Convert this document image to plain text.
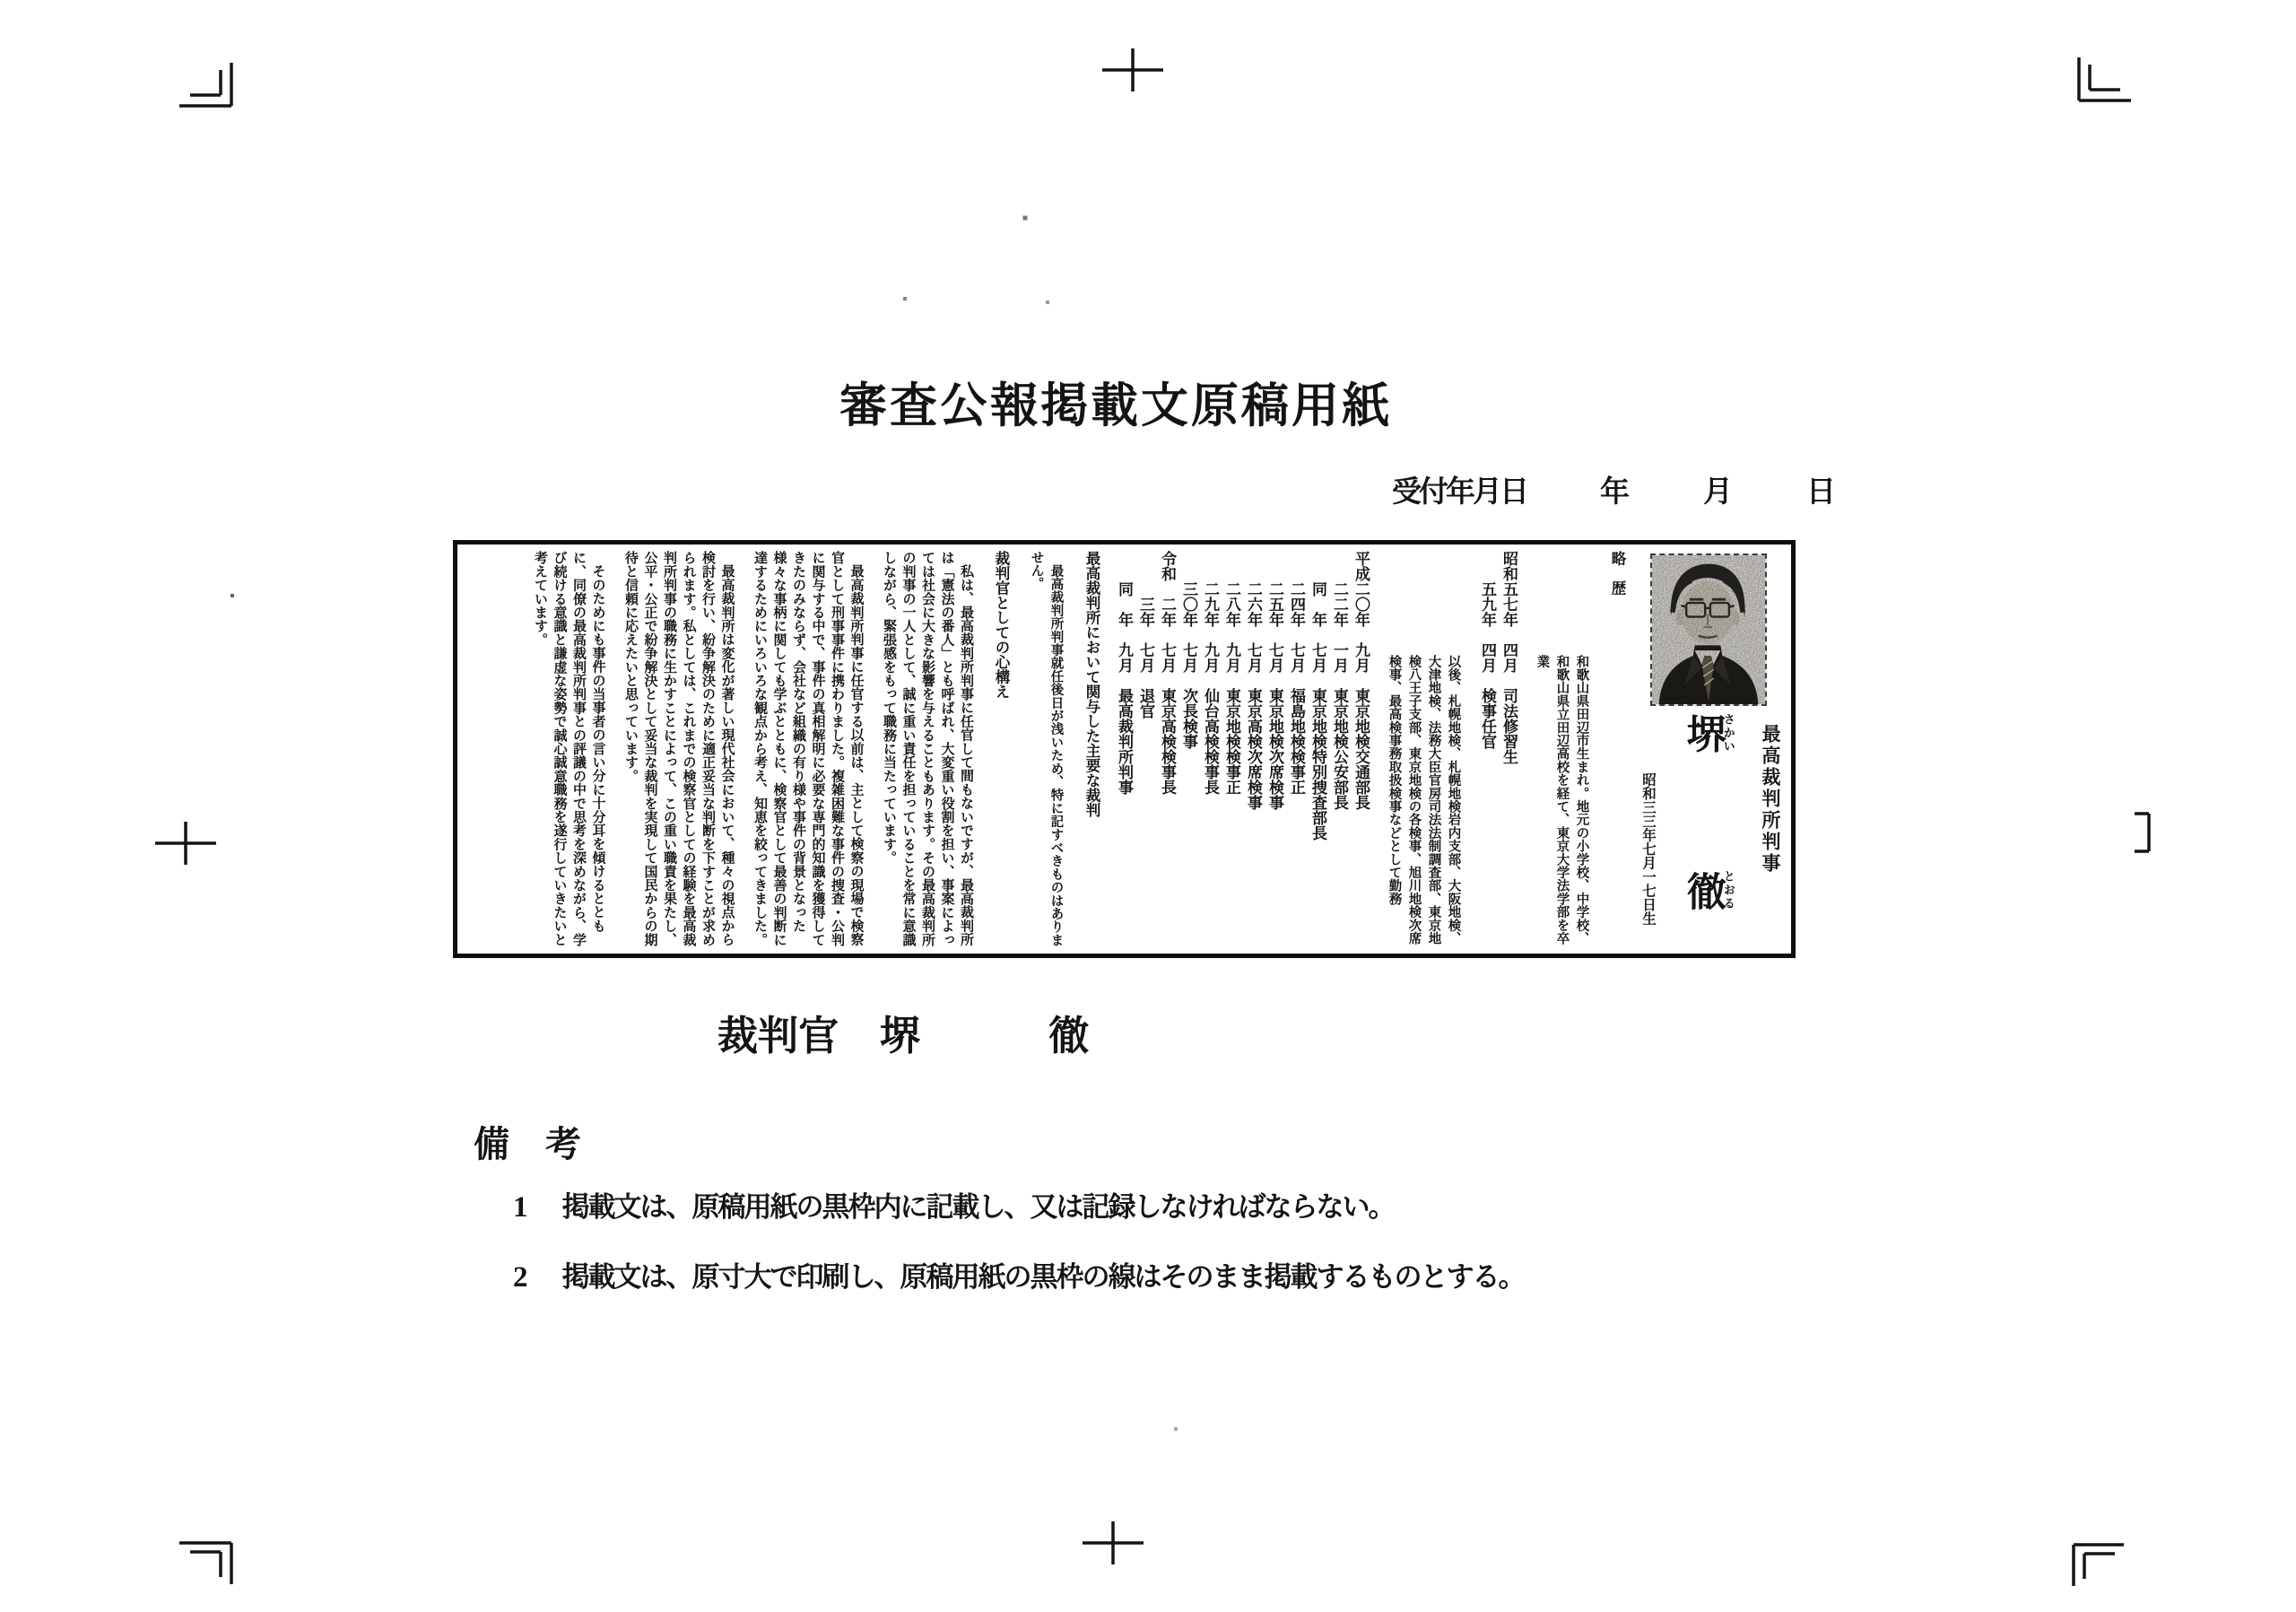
審査公報掲載文原稿用紙
受付年月日 年 月 日
昭和三三年七月一七日生
堺さかい 徹とおる
最高裁判所判事
略　歴

和歌山県田辺市生まれ。地元の小学校、中学校、和歌山県立田辺高校を経て、東京大学法学部を卒業

昭和五七年　四月　司法修習生
　　五九年　四月　検事任官

以後、札幌地検、札幌地検岩内支部、大阪地検、大津地検、法務大臣官房司法法制調査部、東京地検八王子支部、東京地検の各検事、旭川地検次席検事、最高検事務取扱検事などとして勤務

平成二〇年　九月　東京地検交通部長
　　二二年　一月　東京地検公安部長
　　同　年　七月　東京地検特別捜査部長
　　二四年　七月　福島地検検事正
　　二五年　七月　東京地検次席検事
　　二六年　七月　東京高検次席検事
　　二八年　九月　東京地検検事正
　　二九年　九月　仙台高検検事長
　　三〇年　七月　次長検事
令和　二年　七月　東京高検検事長
　　　三年　七月　退官
　　同　年　九月　最高裁判所判事
最高裁判所において関与した主要な裁判

最高裁判所判事就任後日が浅いため、特に記すべきものはありません。

裁判官としての心構え

私は、最高裁判所判事に任官して間もないですが、最高裁判所は「憲法の番人」とも呼ばれ、大変重い役割を担い、事案によっては社会に大きな影響を与えることもあります。その最高裁判所の判事の一人として、誠に重い責任を担っていることを常に意識しながら、緊張感をもって職務に当たっています。

最高裁判所判事に任官する以前は、主として検察の現場で検察官として刑事事件に携わりました。複雑困難な事件の捜査・公判に関与する中で、事件の真相解明に必要な専門的知識を獲得してきたのみならず、会社など組織の有り様や事件の背景となった様々な事柄に関しても学ぶとともに、検察官として最善の判断に達するためにいろいろな観点から考え、知恵を絞ってきました。

最高裁判所は変化が著しい現代社会において、種々の視点から検討を行い、紛争解決のために適正妥当な判断を下すことが求められます。私としては、これまでの検察官としての経験を最高裁判所判事の職務に生かすことによって、この重い職責を果たし、公平・公正で紛争解決として妥当な裁判を実現して国民からの期待と信頼に応えたいと思っています。

そのためにも事件の当事者の言い分に十分耳を傾けるとともに、同僚の最高裁判所判事との評議の中で思考を深めながら、学び続ける意識と謙虚な姿勢で誠心誠意職務を遂行していきたいと考えています。

裁判官 堺	徹
備　考
1 掲載文は、原稿用紙の黒枠内に記載し、又は記録しなければならない。
2 掲載文は、原寸大で印刷し、原稿用紙の黒枠の線はそのまま掲載するものとする。
